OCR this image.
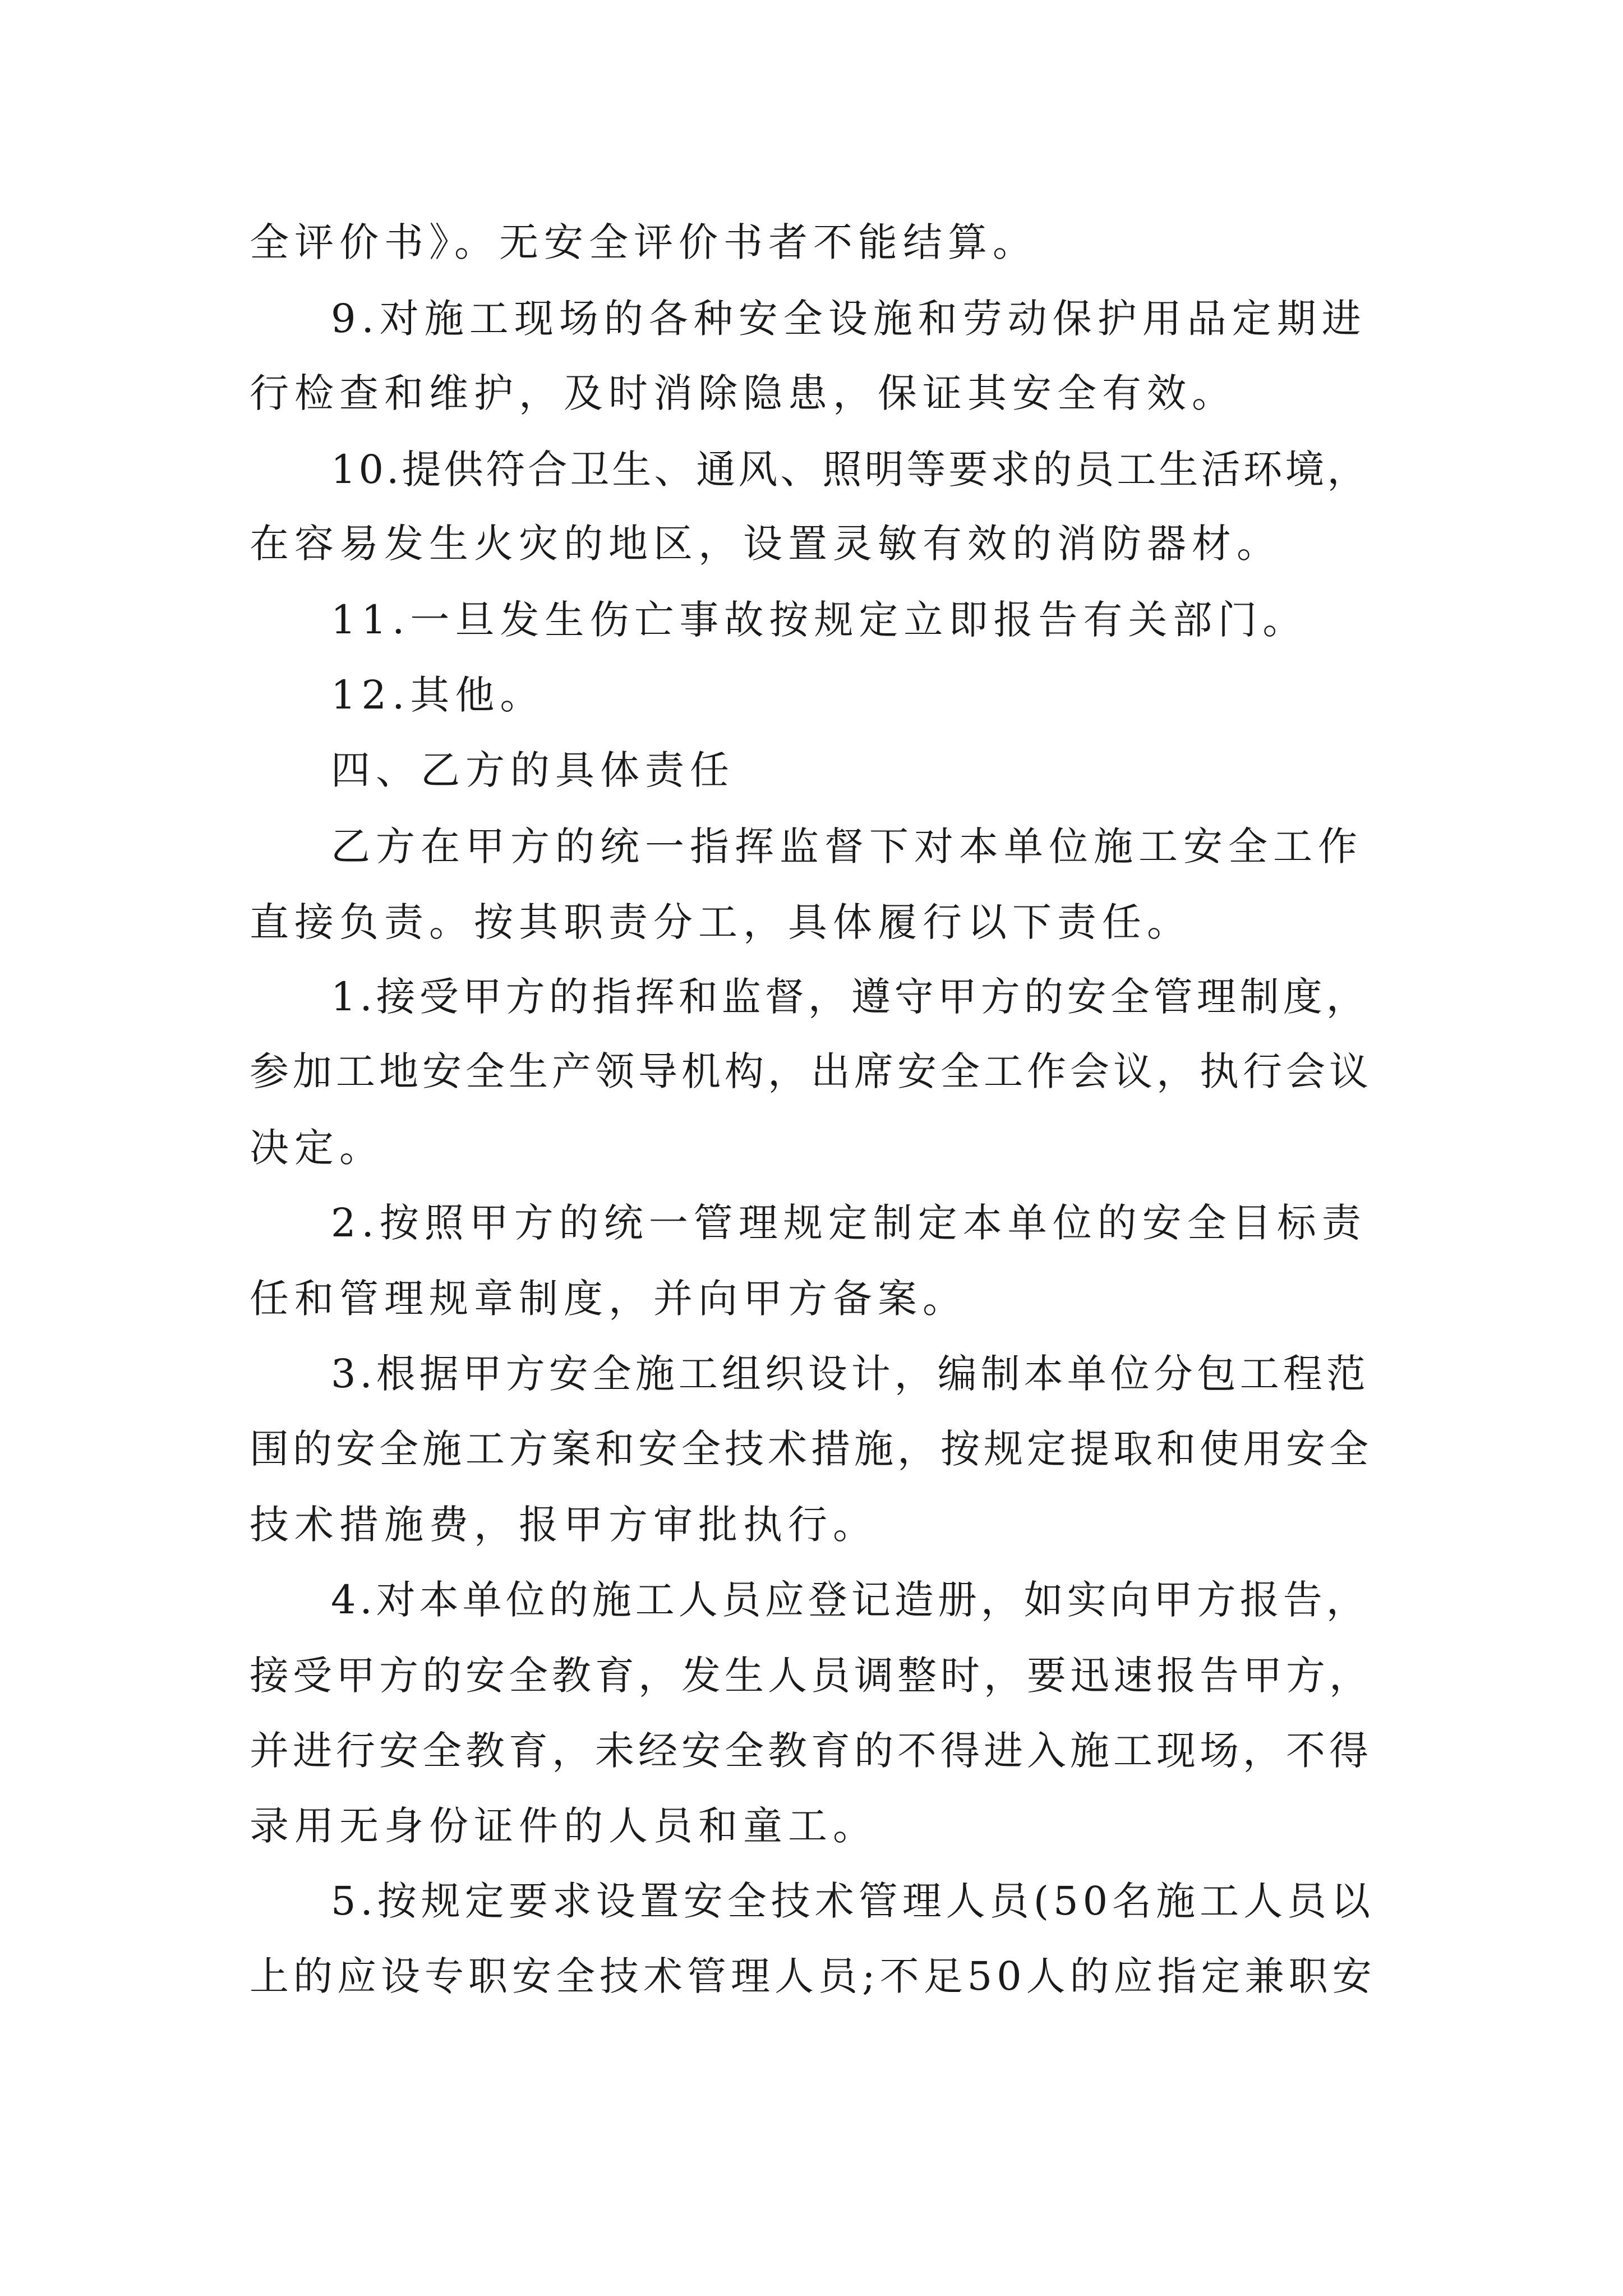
全评价书》。无安全评价书者不能结算。
9.对施工现场的各种安全设施和劳动保护用品定期进
行检查和维护，及时消除隐患，保证其安全有效。
10.提供符合卫生、通风、照明等要求的员工生活环境，
在容易发生火灾的地区，设置灵敏有效的消防器材。
11.一旦发生伤亡事故按规定立即报告有关部门。
12.其他。
四、乙方的具体责任
乙方在甲方的统一指挥监督下对本单位施工安全工作
直接负责。按其职责分工，具体履行以下责任。
1.接受甲方的指挥和监督，遵守甲方的安全管理制度，
参加工地安全生产领导机构，出席安全工作会议，执行会议
决定。
2.按照甲方的统一管理规定制定本单位的安全目标责
任和管理规章制度，并向甲方备案。
3.根据甲方安全施工组织设计，编制本单位分包工程范
围的安全施工方案和安全技术措施，按规定提取和使用安全
技术措施费，报甲方审批执行。
4.对本单位的施工人员应登记造册，如实向甲方报告，
接受甲方的安全教育，发生人员调整时，要迅速报告甲方，
并进行安全教育，未经安全教育的不得进入施工现场，不得
录用无身份证件的人员和童工。
5.按规定要求设置安全技术管理人员(50名施工人员以
上的应设专职安全技术管理人员;不足50人的应指定兼职安
